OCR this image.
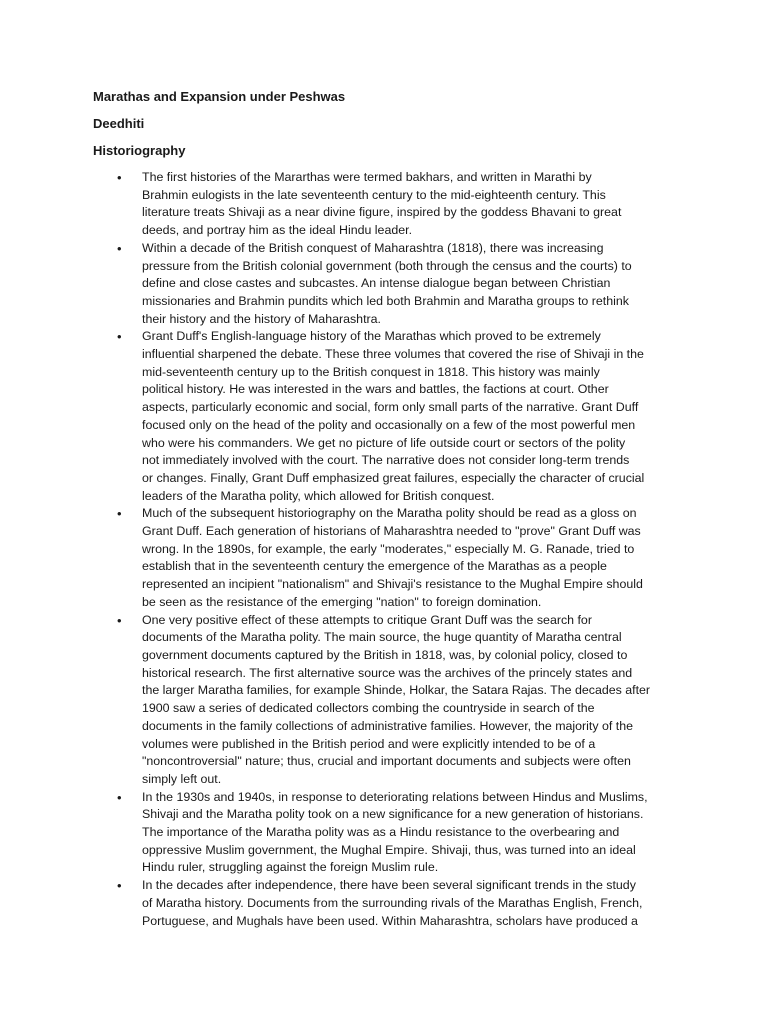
Marathas and Expansion under Peshwas
Deedhiti
Historiography
•	The first histories of the Mararthas were termed bakhars, and written in Marathi by
Brahmin eulogists in the late seventeenth century to the mid-eighteenth century. This
literature treats Shivaji as a near divine figure, inspired by the goddess Bhavani to great
deeds, and portray him as the ideal Hindu leader.
•	Within a decade of the British conquest of Maharashtra (1818), there was increasing
pressure from the British colonial government (both through the census and the courts) to
define and close castes and subcastes. An intense dialogue began between Christian
missionaries and Brahmin pundits which led both Brahmin and Maratha groups to rethink
their history and the history of Maharashtra.
•	Grant Duff's English-language history of the Marathas which proved to be extremely
influential sharpened the debate. These three volumes that covered the rise of Shivaji in the
mid-seventeenth century up to the British conquest in 1818. This history was mainly
political history. He was interested in the wars and battles, the factions at court. Other
aspects, particularly economic and social, form only small parts of the narrative. Grant Duff
focused only on the head of the polity and occasionally on a few of the most powerful men
who were his commanders. We get no picture of life outside court or sectors of the polity
not immediately involved with the court. The narrative does not consider long-term trends
or changes. Finally, Grant Duff emphasized great failures, especially the character of crucial
leaders of the Maratha polity, which allowed for British conquest.
•	Much of the subsequent historiography on the Maratha polity should be read as a gloss on
Grant Duff. Each generation of historians of Maharashtra needed to "prove" Grant Duff was
wrong. In the 1890s, for example, the early "moderates," especially M. G. Ranade, tried to
establish that in the seventeenth century the emergence of the Marathas as a people
represented an incipient "nationalism" and Shivaji's resistance to the Mughal Empire should
be seen as the resistance of the emerging "nation" to foreign domination.
•	One very positive effect of these attempts to critique Grant Duff was the search for
documents of the Maratha polity. The main source, the huge quantity of Maratha central
government documents captured by the British in 1818, was, by colonial policy, closed to
historical research. The first alternative source was the archives of the princely states and
the larger Maratha families, for example Shinde, Holkar, the Satara Rajas. The decades after
1900 saw a series of dedicated collectors combing the countryside in search of the
documents in the family collections of administrative families. However, the majority of the
volumes were published in the British period and were explicitly intended to be of a
"noncontroversial" nature; thus, crucial and important documents and subjects were often
simply left out.
•	In the 1930s and 1940s, in response to deteriorating relations between Hindus and Muslims,
Shivaji and the Maratha polity took on a new significance for a new generation of historians.
The importance of the Maratha polity was as a Hindu resistance to the overbearing and
oppressive Muslim government, the Mughal Empire. Shivaji, thus, was turned into an ideal
Hindu ruler, struggling against the foreign Muslim rule.
•	In the decades after independence, there have been several significant trends in the study
of Maratha history. Documents from the surrounding rivals of the Marathas English, French,
Portuguese, and Mughals have been used. Within Maharashtra, scholars have produced a
